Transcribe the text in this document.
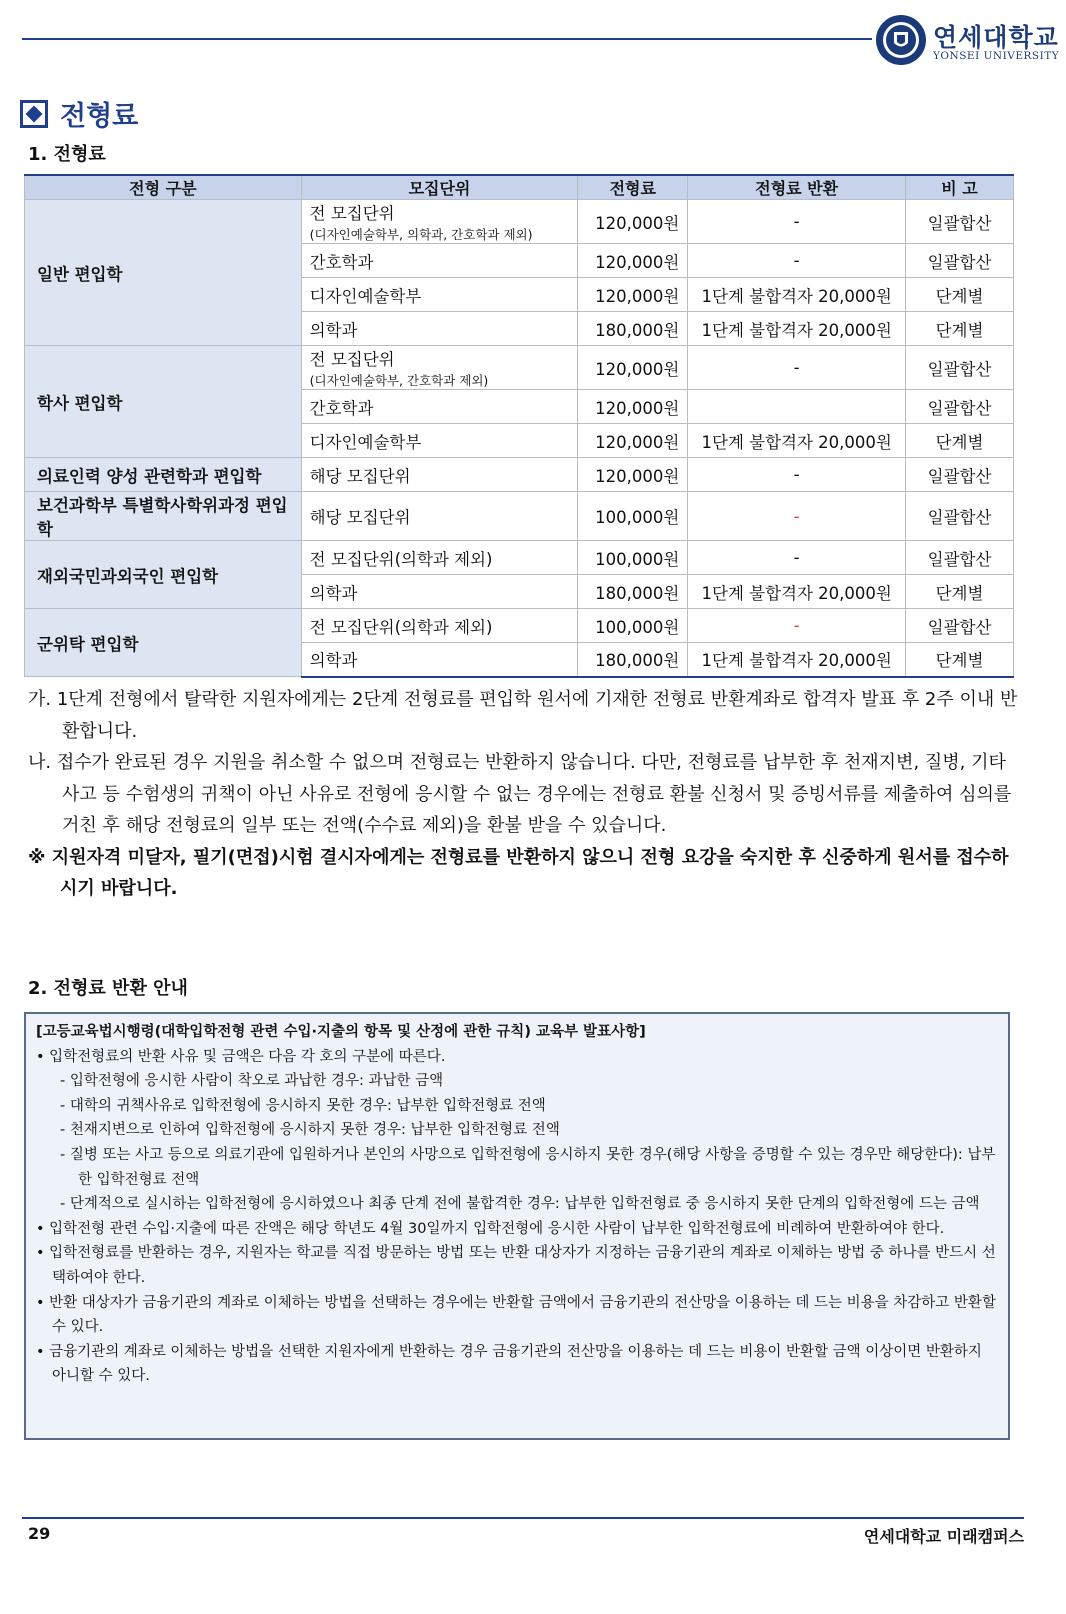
연세대학교
YONSEI UNIVERSITY
전형료
1. 전형료
전형 구분	모집단위	전형료	전형료 반환	비 고
일반 편입학	전 모집단위
(디자인예술학부, 의학과, 간호학과 제외)	120,000원	-	일괄합산
	간호학과	120,000원	-	일괄합산
	디자인예술학부	120,000원	1단계 불합격자 20,000원	단계별
	의학과	180,000원	1단계 불합격자 20,000원	단계별
학사 편입학	전 모집단위
(디자인예술학부, 간호학과 제외)	120,000원	-	일괄합산
	간호학과	120,000원		일괄합산
	디자인예술학부	120,000원	1단계 불합격자 20,000원	단계별
의료인력 양성 관련학과 편입학	해당 모집단위	120,000원	-	일괄합산
보건과학부 특별학사학위과정 편입학	해당 모집단위	100,000원	-	일괄합산
재외국민과외국인 편입학	전 모집단위(의학과 제외)	100,000원	-	일괄합산
	의학과	180,000원	1단계 불합격자 20,000원	단계별
군위탁 편입학	전 모집단위(의학과 제외)	100,000원	-	일괄합산
	의학과	180,000원	1단계 불합격자 20,000원	단계별

가. 1단계 전형에서 탈락한 지원자에게는 2단계 전형료를 편입학 원서에 기재한 전형료 반환계좌로 합격자 발표 후 2주 이내 반환합니다.

나. 접수가 완료된 경우 지원을 취소할 수 없으며 전형료는 반환하지 않습니다. 다만, 전형료를 납부한 후 천재지변, 질병, 기타 사고 등 수험생의 귀책이 아닌 사유로 전형에 응시할 수 없는 경우에는 전형료 환불 신청서 및 증빙서류를 제출하여 심의를 거친 후 해당 전형료의 일부 또는 전액(수수료 제외)을 환불 받을 수 있습니다.

※ 지원자격 미달자, 필기(면접)시험 결시자에게는 전형료를 반환하지 않으니 전형 요강을 숙지한 후 신중하게 원서를 접수하시기 바랍니다.

2. 전형료 반환 안내

[고등교육법시행령(대학입학전형 관련 수입·지출의 항목 및 산정에 관한 규칙) 교육부 발표사항]

• 입학전형료의 반환 사유 및 금액은 다음 각 호의 구분에 따른다.

- 입학전형에 응시한 사람이 착오로 과납한 경우: 과납한 금액

- 대학의 귀책사유로 입학전형에 응시하지 못한 경우: 납부한 입학전형료 전액

- 천재지변으로 인하여 입학전형에 응시하지 못한 경우: 납부한 입학전형료 전액

- 질병 또는 사고 등으로 의료기관에 입원하거나 본인의 사망으로 입학전형에 응시하지 못한 경우(해당 사항을 증명할 수 있는 경우만 해당한다): 납부한 입학전형료 전액

- 단계적으로 실시하는 입학전형에 응시하였으나 최종 단계 전에 불합격한 경우: 납부한 입학전형료 중 응시하지 못한 단계의 입학전형에 드는 금액

• 입학전형 관련 수입·지출에 따른 잔액은 해당 학년도 4월 30일까지 입학전형에 응시한 사람이 납부한 입학전형료에 비례하여 반환하여야 한다.

• 입학전형료를 반환하는 경우, 지원자는 학교를 직접 방문하는 방법 또는 반환 대상자가 지정하는 금융기관의 계좌로 이체하는 방법 중 하나를 반드시 선택하여야 한다.

• 반환 대상자가 금융기관의 계좌로 이체하는 방법을 선택하는 경우에는 반환할 금액에서 금융기관의 전산망을 이용하는 데 드는 비용을 차감하고 반환할 수 있다.

• 금융기관의 계좌로 이체하는 방법을 선택한 지원자에게 반환하는 경우 금융기관의 전산망을 이용하는 데 드는 비용이 반환할 금액 이상이면 반환하지 아니할 수 있다.

29	연세대학교 미래캠퍼스
